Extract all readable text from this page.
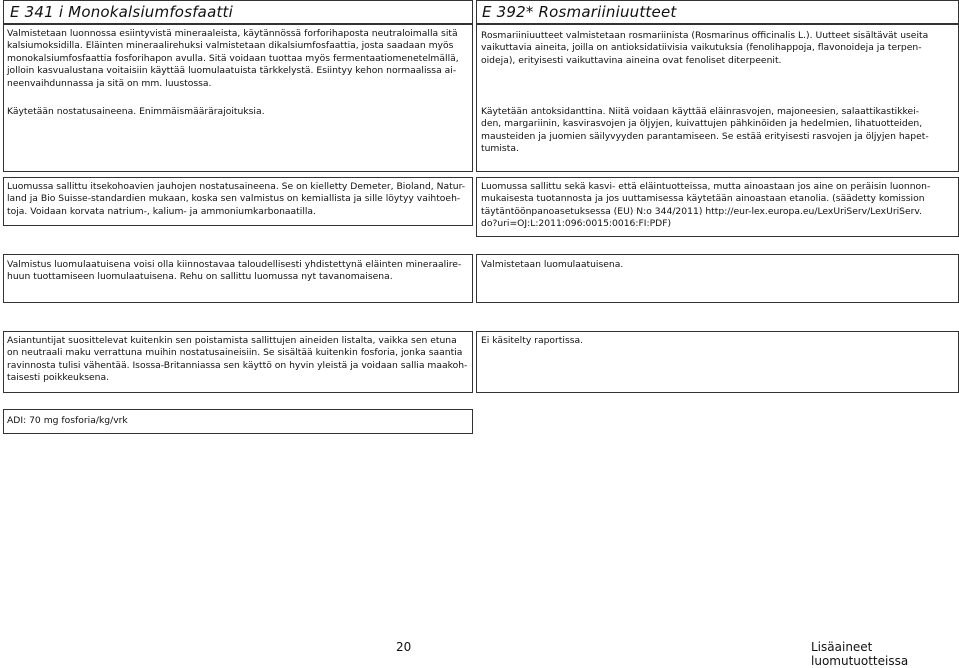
E 341 i Monokalsiumfosfaatti

Valmistetaan luonnossa esiintyvistä mineraaleista, käytännössä forforihaposta neutraloimalla sitä

kalsiumoksidilla. Eläinten mineraalirehuksi valmistetaan dikalsiumfosfaattia, josta saadaan myös

monokalsiumfosfaattia fosforihapon avulla. Sitä voidaan tuottaa myös fermentaatiomenetelmällä,

jolloin kasvualustana voitaisiin käyttää luomulaatuista tärkkelystä. Esiintyy kehon normaalissa ai-

neenvaihdunnassa ja sitä on mm. luustossa.

Käytetään nostatusaineena. Enimmäismäärärajoituksia.

Luomussa sallittu itsekohoavien jauhojen nostatusaineena. Se on kielletty Demeter, Bioland, Natur-

land ja Bio Suisse-standardien mukaan, koska sen valmistus on kemiallista ja sille löytyy vaihtoeh-

toja. Voidaan korvata natrium-, kalium- ja ammoniumkarbonaatilla.

Valmistus luomulaatuisena voisi olla kiinnostavaa taloudellisesti yhdistettynä eläinten mineraalire-

huun tuottamiseen luomulaatuisena. Rehu on sallittu luomussa nyt tavanomaisena.

Asiantuntijat suosittelevat kuitenkin sen poistamista sallittujen aineiden listalta, vaikka sen etuna

on neutraali maku verrattuna muihin nostatusaineisiin. Se sisältää kuitenkin fosforia, jonka saantia

ravinnosta tulisi vähentää. Isossa-Britanniassa sen käyttö on hyvin yleistä ja voidaan sallia maakoh-

taisesti poikkeuksena.

ADI: 70 mg fosforia/kg/vrk
E 392* Rosmariiniuutteet

Rosmariiniuutteet valmistetaan rosmariinista (Rosmarinus officinalis L.). Uutteet sisältävät useita

vaikuttavia aineita, joilla on antioksidatiivisia vaikutuksia (fenolihappoja, flavonoideja ja terpen-

oideja), erityisesti vaikuttavina aineina ovat fenoliset diterpeenit.

Käytetään antoksidanttina. Niitä voidaan käyttää eläinrasvojen, majoneesien, salaattikastikkei-

den, margariinin, kasvirasvojen ja öljyjen, kuivattujen pähkinöiden ja hedelmien, lihatuotteiden,

mausteiden ja juomien säilyvyyden parantamiseen. Se estää erityisesti rasvojen ja öljyjen hapet-

tumista.

Luomussa sallittu sekä kasvi- että eläintuotteissa, mutta ainoastaan jos aine on peräisin luonnon-

mukaisesta tuotannosta ja jos uuttamisessa käytetään ainoastaan etanolia. (säädetty komission

täytäntöönpanoasetuksessa (EU) N:o 344/2011) http://eur-lex.europa.eu/LexUriServ/LexUriServ.

do?uri=OJ:L:2011:096:0015:0016:FI:PDF)

Valmistetaan luomulaatuisena.
Ei käsitelty raportissa.
20	Lisäaineet luomutuotteissa
